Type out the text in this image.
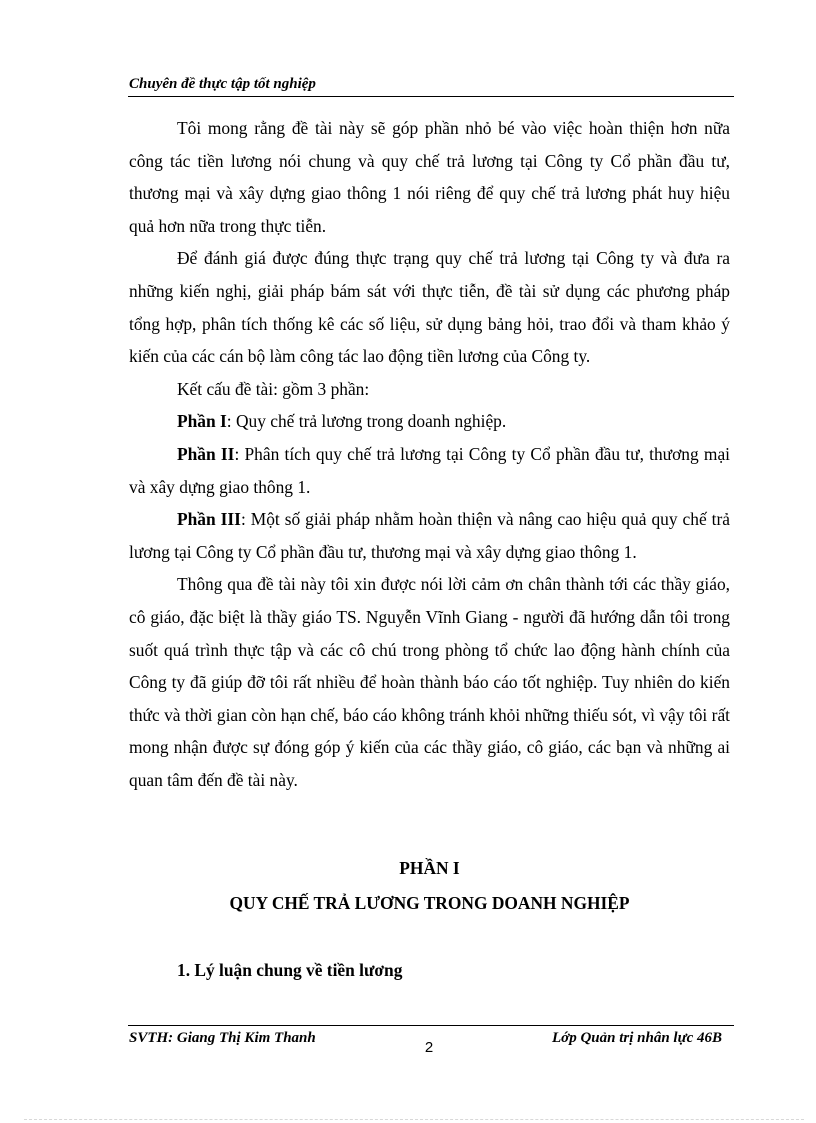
Chuyên đề thực tập tốt nghiệp

Tôi mong rằng đề tài này sẽ góp phần nhỏ bé vào việc hoàn thiện hơn nữa công tác tiền lương nói chung và quy chế trả lương tại Công ty Cổ phần đầu tư, thương mại và xây dựng giao thông 1 nói riêng để quy chế trả lương phát huy hiệu quả hơn nữa trong thực tiễn.

Để đánh giá được đúng thực trạng quy chế trả lương tại Công ty và đưa ra những kiến nghị, giải pháp bám sát với thực tiễn, đề tài sử dụng các phương pháp tổng hợp, phân tích thống kê các số liệu, sử dụng bảng hỏi, trao đổi và tham khảo ý kiến của các cán bộ làm công tác lao động tiền lương của Công ty.

Kết cấu đề tài: gồm 3 phần:

Phần I: Quy chế trả lương trong doanh nghiệp.

Phần II: Phân tích quy chế trả lương tại Công ty Cổ phần đầu tư, thương mại và xây dựng giao thông 1.

Phần III: Một số giải pháp nhằm hoàn thiện và nâng cao hiệu quả quy chế trả lương tại Công ty Cổ phần đầu tư, thương mại và xây dựng giao thông 1.

Thông qua đề tài này tôi xin được nói lời cảm ơn chân thành tới các thầy giáo, cô giáo, đặc biệt là thầy giáo TS. Nguyễn Vĩnh Giang - người đã hướng dẫn tôi trong suốt quá trình thực tập và các cô chú trong phòng tổ chức lao động hành chính của Công ty đã giúp đỡ tôi rất nhiều để hoàn thành báo cáo tốt nghiệp. Tuy nhiên do kiến thức và thời gian còn hạn chế, báo cáo không tránh khỏi những thiếu sót, vì vậy tôi rất mong nhận được sự đóng góp ý kiến của các thầy giáo, cô giáo, các bạn và những ai quan tâm đến đề tài này.

PHẦN I
QUY CHẾ TRẢ LƯƠNG TRONG DOANH NGHIỆP
1. Lý luận chung về tiền lương
SVTH: Giang Thị Kim Thanh
2
Lớp Quản trị nhân lực 46B
